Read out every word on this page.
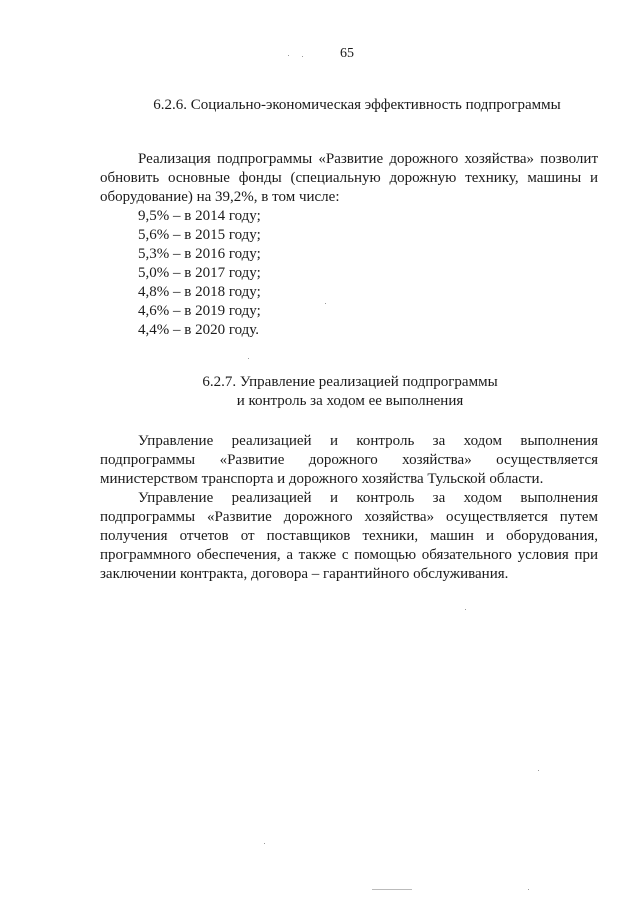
65
6.2.6. Социально-экономическая эффективность подпрограммы
Реализация подпрограммы «Развитие дорожного хозяйства» позволит обновить основные фонды (специальную дорожную технику, машины и оборудование) на 39,2%, в том числе:
9,5% – в 2014 году;
5,6% – в 2015 году;
5,3% – в 2016 году;
5,0% – в 2017 году;
4,8% – в 2018 году;
4,6% – в 2019 году;
4,4% – в 2020 году.
6.2.7. Управление реализацией подпрограммы
и контроль за ходом ее выполнения
Управление реализацией и контроль за ходом выполнения подпрограммы «Развитие дорожного хозяйства» осуществляется министерством транспорта и дорожного хозяйства Тульской области.
Управление реализацией и контроль за ходом выполнения подпрограммы «Развитие дорожного хозяйства» осуществляется путем получения отчетов от поставщиков техники, машин и оборудования, программного обеспечения, а также с помощью обязательного условия при заключении контракта, договора – гарантийного обслуживания.
